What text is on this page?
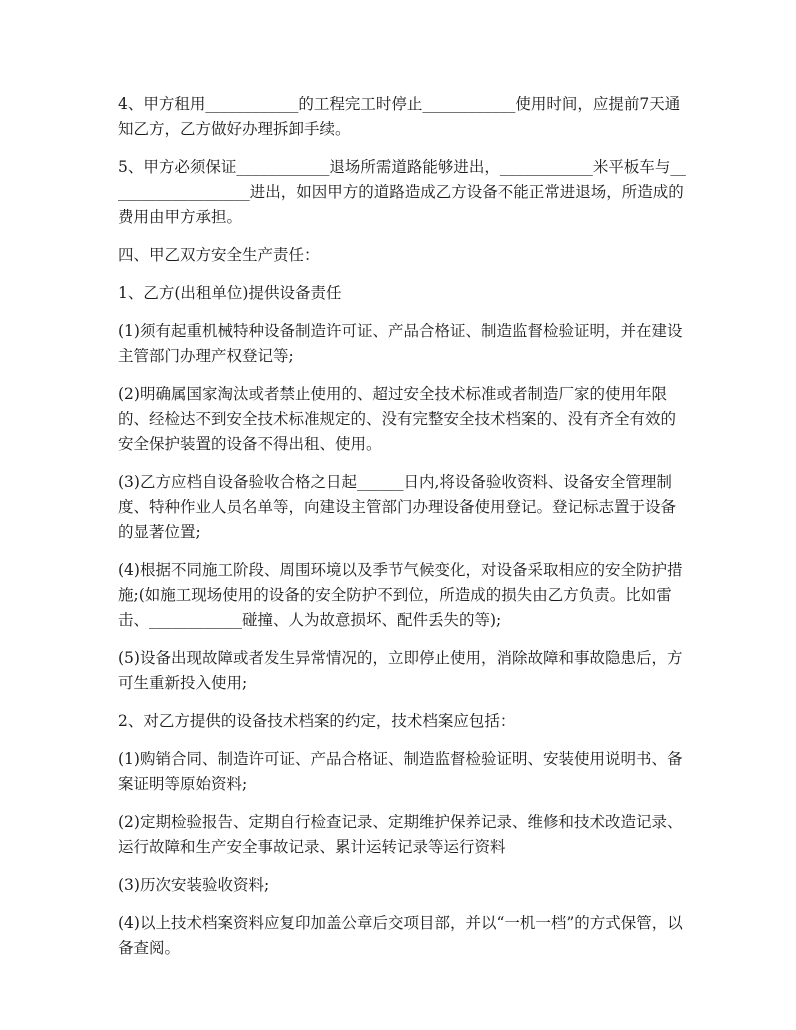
4、甲方租用____________的工程完工时停止____________使用时间，应提前7天通知乙方，乙方做好办理拆卸手续。

5、甲方必须保证____________退场所需道路能够进出，____________米平板车与___________________进出，如因甲方的道路造成乙方设备不能正常进退场，所造成的费用由甲方承担。

四、甲乙双方安全生产责任：

1、乙方(出租单位)提供设备责任

(1)须有起重机械特种设备制造许可证、产品合格证、制造监督检验证明，并在建设主管部门办理产权登记等;

(2)明确属国家淘汰或者禁止使用的、超过安全技术标准或者制造厂家的使用年限的、经检达不到安全技术标准规定的、没有完整安全技术档案的、没有齐全有效的安全保护装置的设备不得出租、使用。

(3)乙方应档自设备验收合格之日起______日内,将设备验收资料、设备安全管理制度、特种作业人员名单等，向建设主管部门办理设备使用登记。登记标志置于设备的显著位置;

(4)根据不同施工阶段、周围环境以及季节气候变化，对设备采取相应的安全防护措施;(如施工现场使用的设备的安全防护不到位，所造成的损失由乙方负责。比如雷击、____________碰撞、人为故意损坏、配件丢失的等);

(5)设备出现故障或者发生异常情况的，立即停止使用，消除故障和事故隐患后，方可生重新投入使用;

2、对乙方提供的设备技术档案的约定，技术档案应包括：

(1)购销合同、制造许可证、产品合格证、制造监督检验证明、安装使用说明书、备案证明等原始资料;

(2)定期检验报告、定期自行检查记录、定期维护保养记录、维修和技术改造记录、运行故障和生产安全事故记录、累计运转记录等运行资料

(3)历次安装验收资料;

(4)以上技术档案资料应复印加盖公章后交项目部，并以“一机一档”的方式保管，以备查阅。
